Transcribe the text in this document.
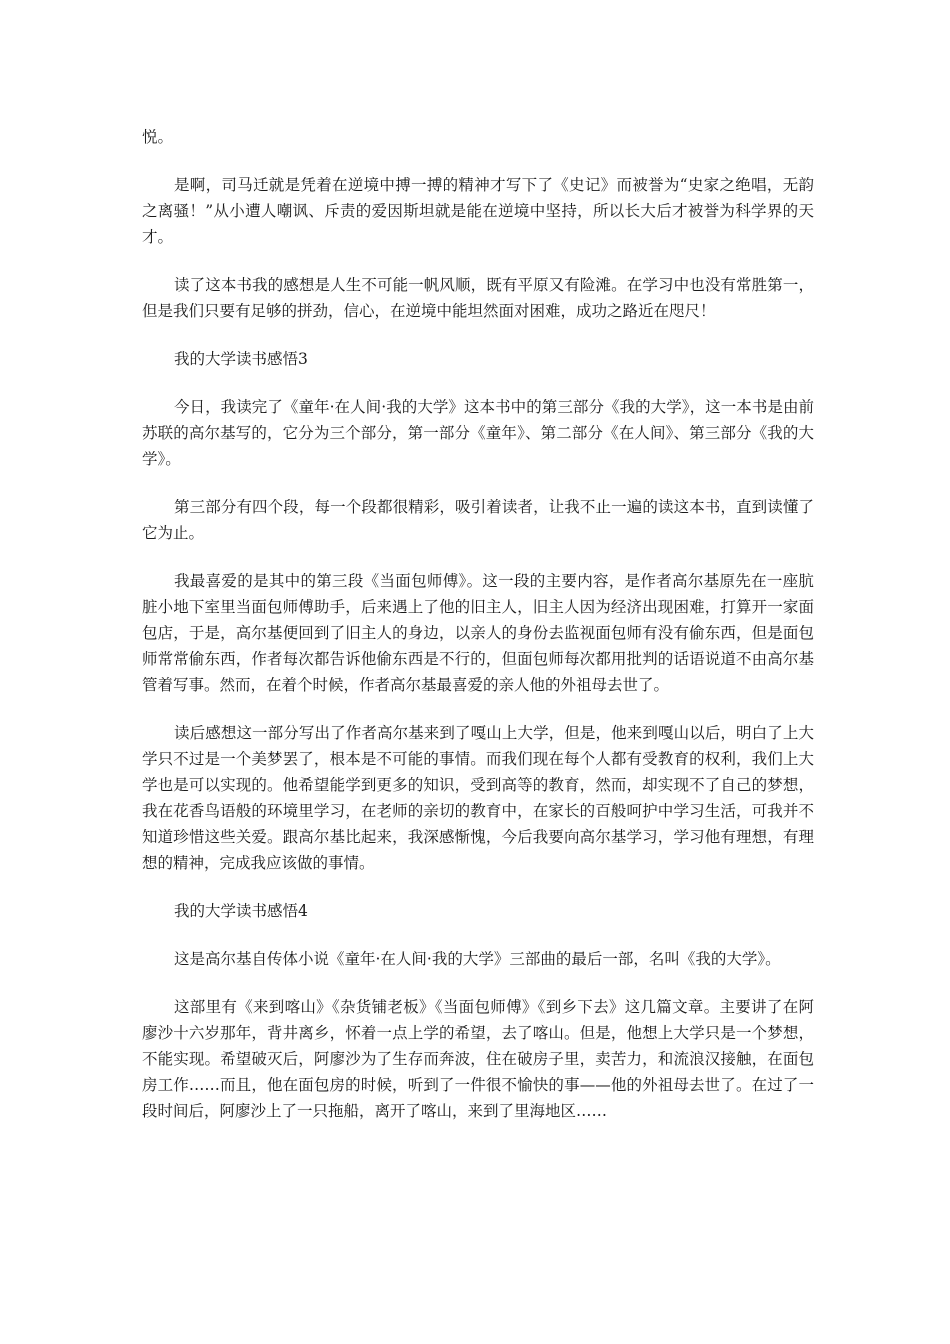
悦。

是啊，司马迁就是凭着在逆境中搏一搏的精神才写下了《史记》而被誉为“史家之绝唱，无韵之离骚！”从小遭人嘲讽、斥责的爱因斯坦就是能在逆境中坚持，所以长大后才被誉为科学界的天才。

读了这本书我的感想是人生不可能一帆风顺，既有平原又有险滩。在学习中也没有常胜第一，但是我们只要有足够的拼劲，信心，在逆境中能坦然面对困难，成功之路近在咫尺！

我的大学读书感悟3

今日，我读完了《童年·在人间·我的大学》这本书中的第三部分《我的大学》，这一本书是由前苏联的高尔基写的，它分为三个部分，第一部分《童年》、第二部分《在人间》、第三部分《我的大学》。

第三部分有四个段，每一个段都很精彩，吸引着读者，让我不止一遍的读这本书，直到读懂了它为止。

我最喜爱的是其中的第三段《当面包师傅》。这一段的主要内容，是作者高尔基原先在一座肮脏小地下室里当面包师傅助手，后来遇上了他的旧主人，旧主人因为经济出现困难，打算开一家面包店，于是，高尔基便回到了旧主人的身边，以亲人的身份去监视面包师有没有偷东西，但是面包师常常偷东西，作者每次都告诉他偷东西是不行的，但面包师每次都用批判的话语说道不由高尔基管着写事。然而，在着个时候，作者高尔基最喜爱的亲人他的外祖母去世了。

读后感想这一部分写出了作者高尔基来到了嘎山上大学，但是，他来到嘎山以后，明白了上大学只不过是一个美梦罢了，根本是不可能的事情。而我们现在每个人都有受教育的权利，我们上大学也是可以实现的。他希望能学到更多的知识，受到高等的教育，然而，却实现不了自己的梦想，我在花香鸟语般的环境里学习，在老师的亲切的教育中，在家长的百般呵护中学习生活，可我并不知道珍惜这些关爱。跟高尔基比起来，我深感惭愧，今后我要向高尔基学习，学习他有理想，有理想的精神，完成我应该做的事情。

我的大学读书感悟4

这是高尔基自传体小说《童年·在人间·我的大学》三部曲的最后一部，名叫《我的大学》。

这部里有《来到喀山》《杂货铺老板》《当面包师傅》《到乡下去》这几篇文章。主要讲了在阿廖沙十六岁那年，背井离乡，怀着一点上学的希望，去了喀山。但是，他想上大学只是一个梦想，不能实现。希望破灭后，阿廖沙为了生存而奔波，住在破房子里，卖苦力，和流浪汉接触，在面包房工作……而且，他在面包房的时候，听到了一件很不愉快的事——他的外祖母去世了。在过了一段时间后，阿廖沙上了一只拖船，离开了喀山，来到了里海地区……
